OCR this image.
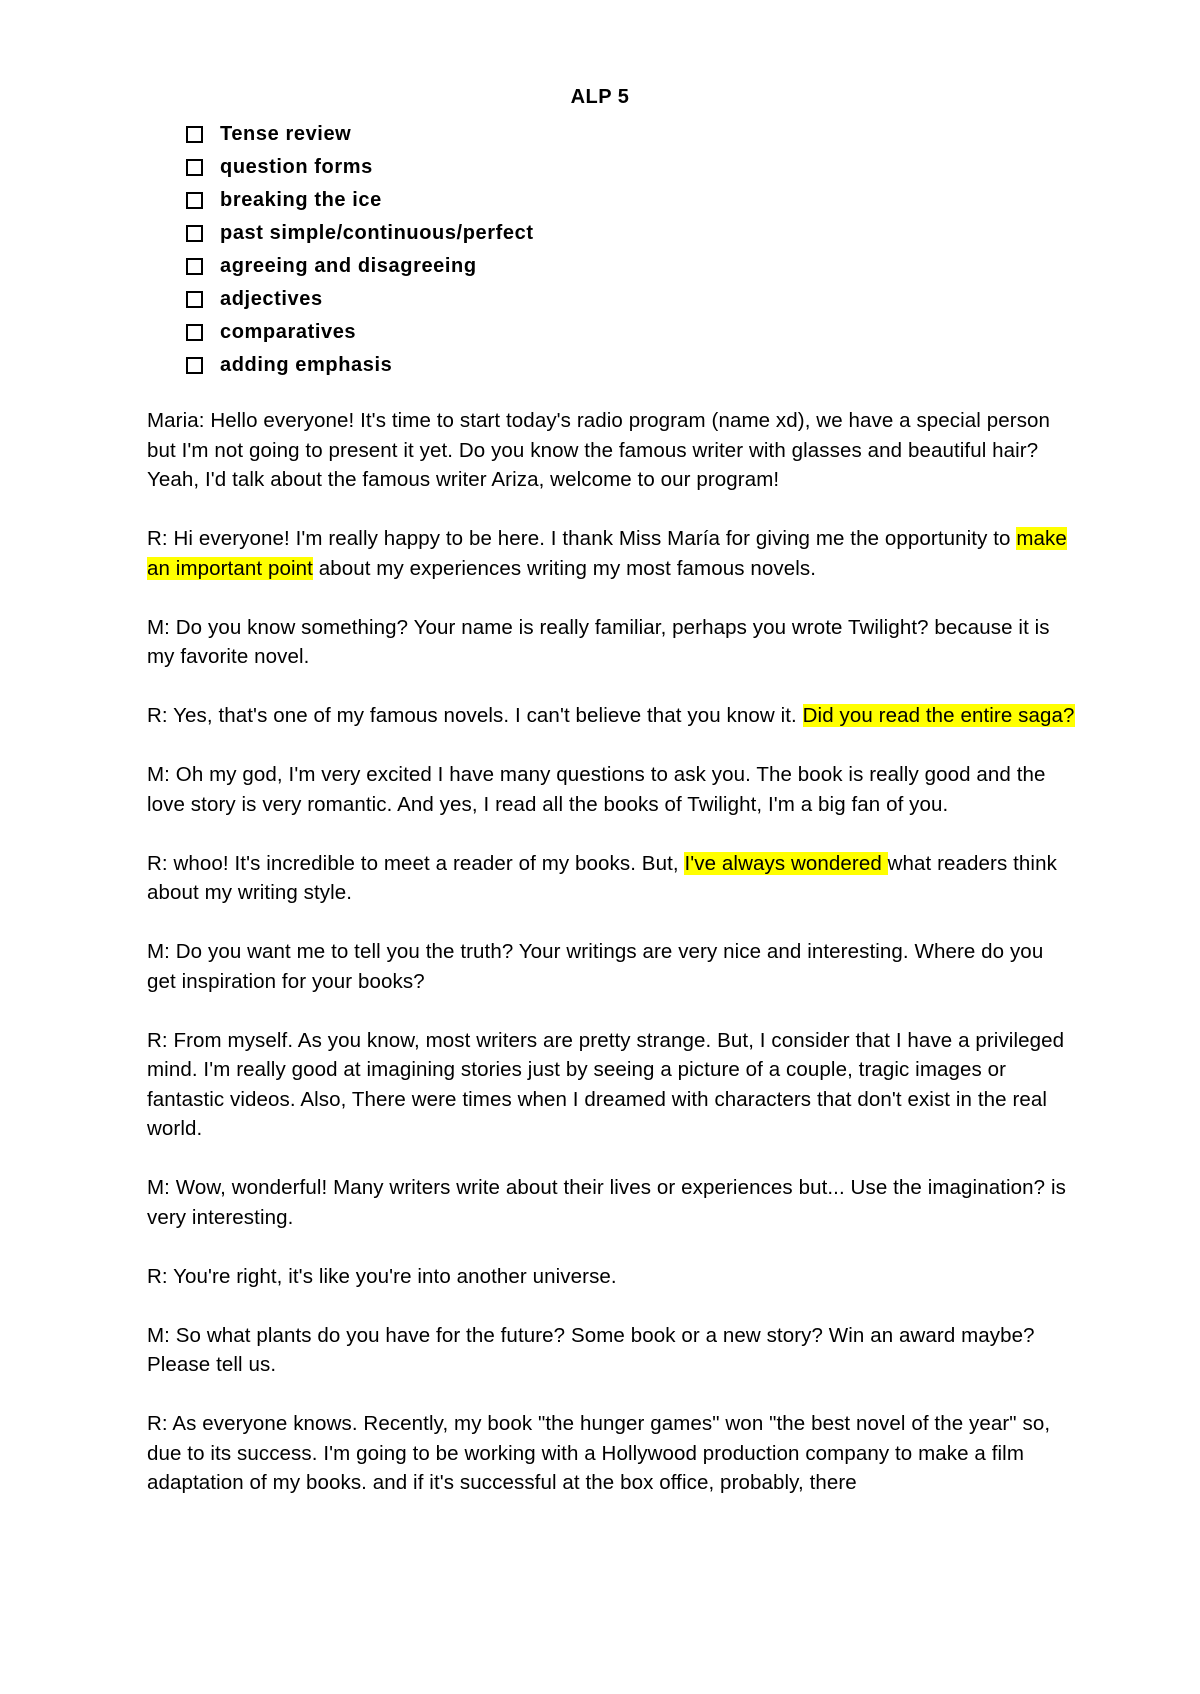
ALP 5
Tense review
question forms
breaking the ice
past simple/continuous/perfect
agreeing and disagreeing
adjectives
comparatives
adding emphasis

Maria: Hello everyone! It's time to start today's radio program (name xd), we have a special person but I'm not going to present it yet. Do you know the famous writer with glasses and beautiful hair? Yeah, I'd talk about the famous writer Ariza, welcome to our program!

R: Hi everyone! I'm really happy to be here. I thank Miss María for giving me the opportunity to make an important point about my experiences writing my most famous novels.

M: Do you know something? Your name is really familiar, perhaps you wrote Twilight? because it is my favorite novel.

R: Yes, that's one of my famous novels. I can't believe that you know it. Did you read the entire saga?

M: Oh my god, I'm very excited I have many questions to ask you. The book is really good and the love story is very romantic. And yes, I read all the books of Twilight, I'm a big fan of you.

R: whoo! It's incredible to meet a reader of my books. But, I've always wondered what readers think about my writing style.

M: Do you want me to tell you the truth? Your writings are very nice and interesting. Where do you get inspiration for your books?

R: From myself. As you know, most writers are pretty strange. But, I consider that I have a privileged mind. I'm really good at imagining stories just by seeing a picture of a couple, tragic images or fantastic videos. Also, There were times when I dreamed with characters that don't exist in the real world.

M: Wow, wonderful! Many writers write about their lives or experiences but... Use the imagination? is very interesting.

R: You're right, it's like you're into another universe.

M: So what plants do you have for the future? Some book or a new story? Win an award maybe? Please tell us.

R: As everyone knows. Recently, my book "the hunger games" won "the best novel of the year" so, due to its success. I'm going to be working with a Hollywood production company to make a film adaptation of my books. and if it's successful at the box office, probably, there
